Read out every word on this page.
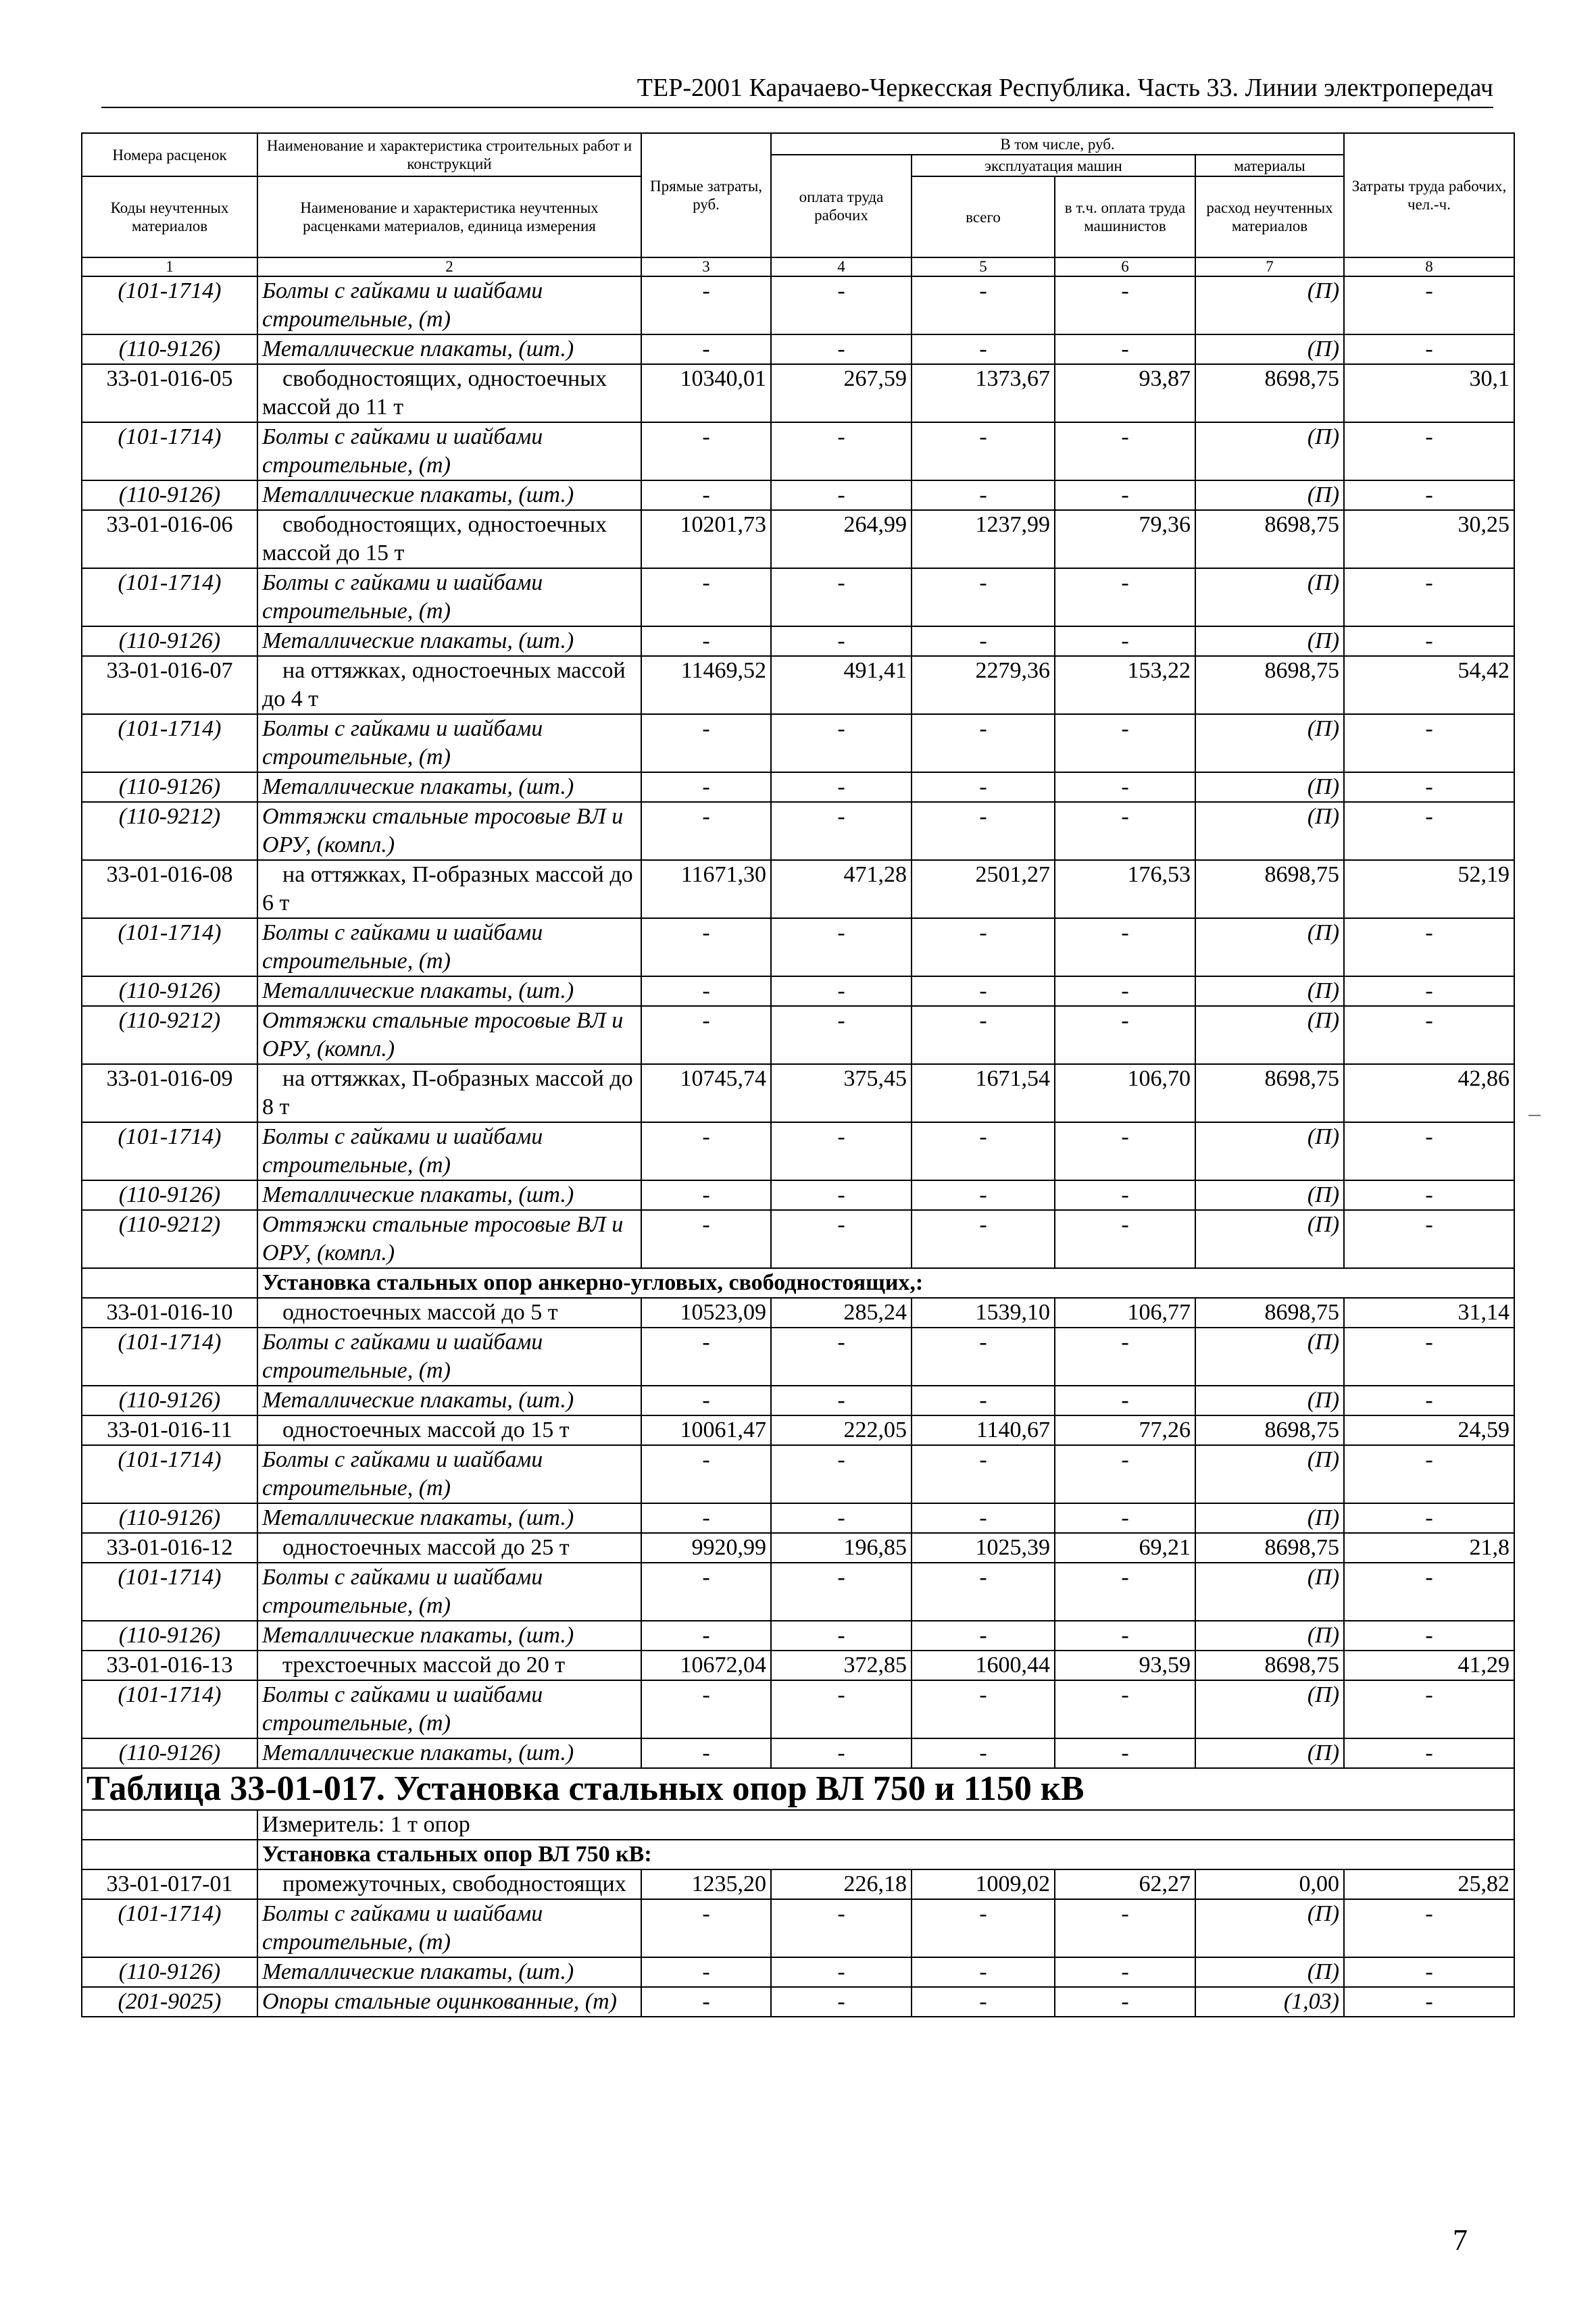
ТЕР-2001 Карачаево-Черкесская Республика. Часть 33. Линии электропередач
Номера расценок	Наименование и характеристика строительных работ и конструкций	Прямые затраты, руб.	В том числе, руб.				Затраты труда рабочих, чел.-ч.
			оплата труда рабочих	эксплуатация машин		материалы	
Коды неучтенных материалов	Наименование и характеристика неучтенных расценками материалов, единица измерения			всего	в т.ч. оплата труда машинистов	расход неучтенных материалов	

1	2	3	4	5	6	7	8
(101-1714)	Болты с гайками и шайбами строительные, (т)	-	-	-	-	(П)	-
(110-9126)	Металлические плакаты, (шт.)	-	-	-	-	(П)	-
33-01-016-05	свободностоящих, одностоечных массой до 11 т	10340,01	267,59	1373,67	93,87	8698,75	30,1
(101-1714)	Болты с гайками и шайбами строительные, (т)	-	-	-	-	(П)	-
(110-9126)	Металлические плакаты, (шт.)	-	-	-	-	(П)	-
33-01-016-06	свободностоящих, одностоечных массой до 15 т	10201,73	264,99	1237,99	79,36	8698,75	30,25
(101-1714)	Болты с гайками и шайбами строительные, (т)	-	-	-	-	(П)	-
(110-9126)	Металлические плакаты, (шт.)	-	-	-	-	(П)	-
33-01-016-07	на оттяжках, одностоечных массой до 4 т	11469,52	491,41	2279,36	153,22	8698,75	54,42
(101-1714)	Болты с гайками и шайбами строительные, (т)	-	-	-	-	(П)	-
(110-9126)	Металлические плакаты, (шт.)	-	-	-	-	(П)	-
(110-9212)	Оттяжки стальные тросовые ВЛ и ОРУ, (компл.)	-	-	-	-	(П)	-
33-01-016-08	на оттяжках, П-образных массой до 6 т	11671,30	471,28	2501,27	176,53	8698,75	52,19
(101-1714)	Болты с гайками и шайбами строительные, (т)	-	-	-	-	(П)	-
(110-9126)	Металлические плакаты, (шт.)	-	-	-	-	(П)	-
(110-9212)	Оттяжки стальные тросовые ВЛ и ОРУ, (компл.)	-	-	-	-	(П)	-
33-01-016-09	на оттяжках, П-образных массой до 8 т	10745,74	375,45	1671,54	106,70	8698,75	42,86
(101-1714)	Болты с гайками и шайбами строительные, (т)	-	-	-	-	(П)	-
(110-9126)	Металлические плакаты, (шт.)	-	-	-	-	(П)	-
(110-9212)	Оттяжки стальные тросовые ВЛ и ОРУ, (компл.)	-	-	-	-	(П)	-
	Установка стальных опор анкерно-угловых, свободностоящих,:						
33-01-016-10	одностоечных массой до 5 т	10523,09	285,24	1539,10	106,77	8698,75	31,14
(101-1714)	Болты с гайками и шайбами строительные, (т)	-	-	-	-	(П)	-
(110-9126)	Металлические плакаты, (шт.)	-	-	-	-	(П)	-
33-01-016-11	одностоечных массой до 15 т	10061,47	222,05	1140,67	77,26	8698,75	24,59
(101-1714)	Болты с гайками и шайбами строительные, (т)	-	-	-	-	(П)	-
(110-9126)	Металлические плакаты, (шт.)	-	-	-	-	(П)	-
33-01-016-12	одностоечных массой до 25 т	9920,99	196,85	1025,39	69,21	8698,75	21,8
(101-1714)	Болты с гайками и шайбами строительные, (т)	-	-	-	-	(П)	-
(110-9126)	Металлические плакаты, (шт.)	-	-	-	-	(П)	-
33-01-016-13	трехстоечных массой до 20 т	10672,04	372,85	1600,44	93,59	8698,75	41,29
(101-1714)	Болты с гайками и шайбами строительные, (т)	-	-	-	-	(П)	-
(110-9126)	Металлические плакаты, (шт.)	-	-	-	-	(П)	-
Таблица 33-01-017. Установка стальных опор ВЛ 750 и 1150 кВ							
	Измеритель: 1 т опор						
	Установка стальных опор ВЛ 750 кВ:						
33-01-017-01	промежуточных, свободностоящих	1235,20	226,18	1009,02	62,27	0,00	25,82
(101-1714)	Болты с гайками и шайбами строительные, (т)	-	-	-	-	(П)	-
(110-9126)	Металлические плакаты, (шт.)	-	-	-	-	(П)	-
(201-9025)	Опоры стальные оцинкованные, (т)	-	-	-	-	(1,03)	-
7
